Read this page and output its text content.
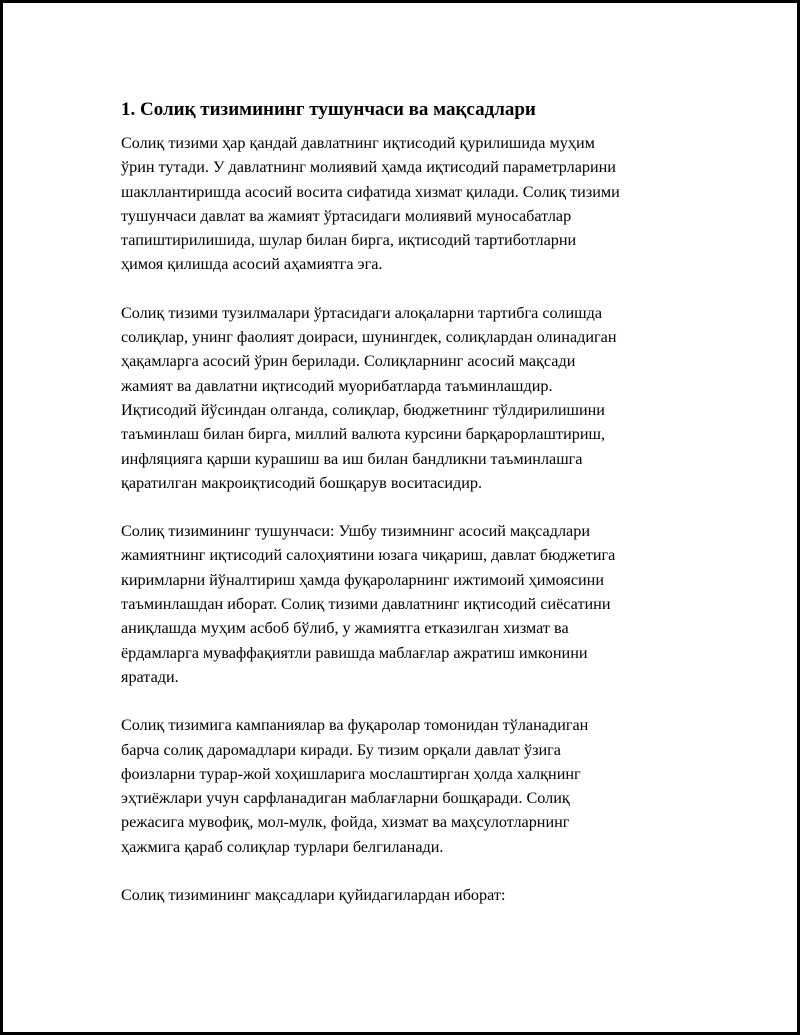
1. Солиқ тизимининг тушунчаси ва мақсадлари

Солиқ тизими ҳар қандай давлатнинг иқтисодий қурилишида муҳим
ўрин тутади. У давлатнинг молиявий ҳамда иқтисодий параметрларини
шакллантиришда асосий восита сифатида хизмат қилади. Солиқ тизими
тушунчаси давлат ва жамият ўртасидаги молиявий муносабатлар
тапиштирилишида, шулар билан бирга, иқтисодий тартиботларни
ҳимоя қилишда асосий аҳамиятга эга.

Солиқ тизими тузилмалари ўртасидаги алоқаларни тартибга солишда
солиқлар, унинг фаолият доираси, шунингдек, солиқлардан олинадиган
ҳақамларга асосий ўрин берилади. Солиқларнинг асосий мақсади
жамият ва давлатни иқтисодий муорибатларда таъминлашдир.
Иқтисодий йўсиндан олганда, солиқлар, бюджетнинг тўлдирилишини
таъминлаш билан бирга, миллий валюта курсини барқарорлаштириш,
инфляцияга қарши курашиш ва иш билан бандликни таъминлашга
қаратилган макроиқтисодий бошқарув воситасидир.

Солиқ тизимининг тушунчаси: Ушбу тизимнинг асосий мақсадлари
жамиятнинг иқтисодий салоҳиятини юзага чиқариш, давлат бюджетига
киримларни йўналтириш ҳамда фуқароларнинг ижтимоий ҳимоясини
таъминлашдан иборат. Солиқ тизими давлатнинг иқтисодий сиёсатини
аниқлашда муҳим асбоб бўлиб, у жамиятга етказилган хизмат ва
ёрдамларга муваффақиятли равишда маблағлар ажратиш имконини
яратади.

Солиқ тизимига кампаниялар ва фуқаролар томонидан тўланадиган
барча солиқ даромадлари киради. Бу тизим орқали давлат ўзига
фоизларни турар-жой хоҳишларига мослаштирган ҳолда халқнинг
эҳтиёжлари учун сарфланадиган маблағларни бошқаради. Солиқ
режасига мувофиқ, мол-мулк, фойда, хизмат ва маҳсулотларнинг
ҳажмига қараб солиқлар турлари белгиланади.

Солиқ тизимининг мақсадлари қуйидагилардан иборат:
